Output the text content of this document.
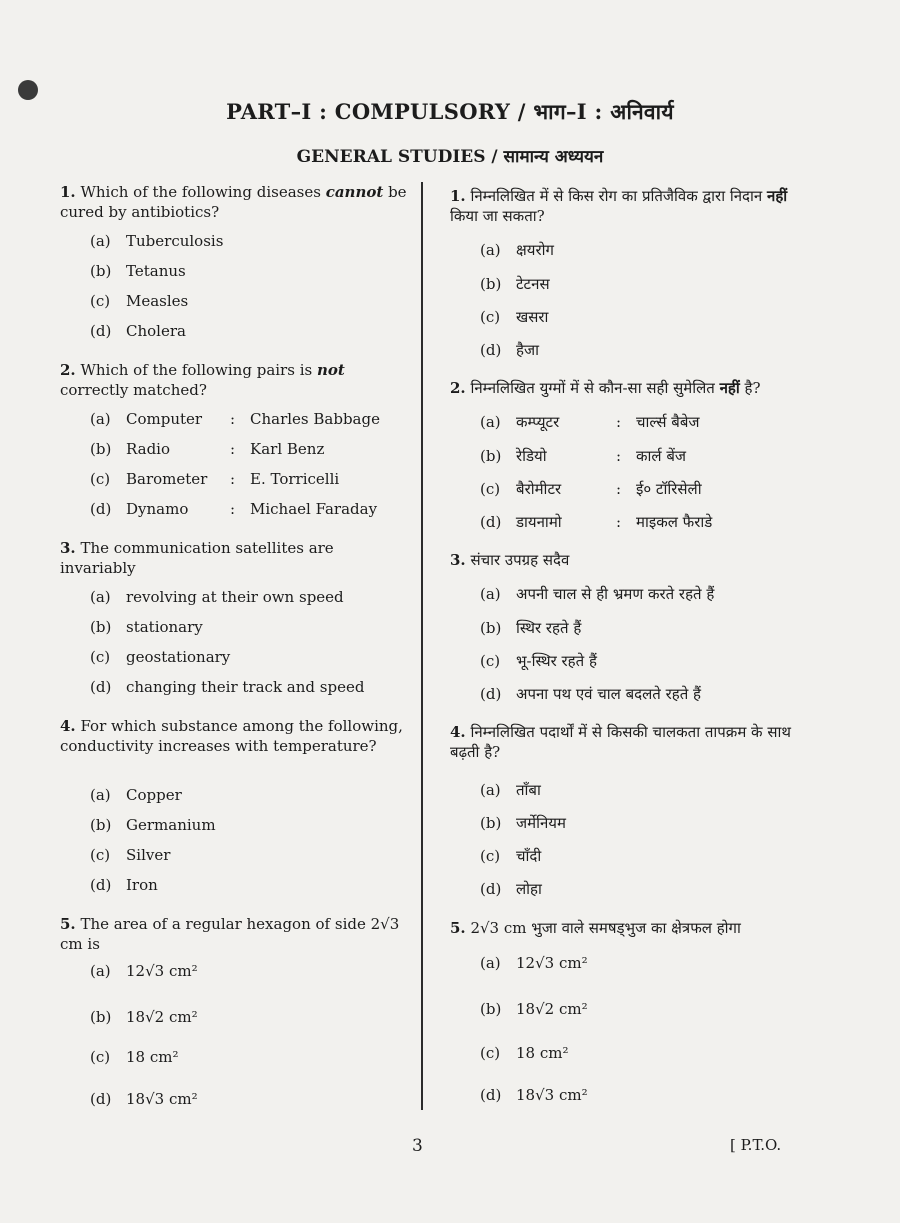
PART–I : COMPULSORY / भाग–I : अनिवार्य
GENERAL STUDIES / सामान्य अध्ययन
1. Which of the following diseases cannot be cured by antibiotics?
(a) Tuberculosis
(b) Tetanus
(c) Measles
(d) Cholera
2. Which of the following pairs is not correctly matched?
(a) Computer : Charles Babbage
(b) Radio	: Karl Benz
(c) Barometer : E. Torricelli
(d) Dynamo	: Michael Faraday
3. The communication satellites are invariably
(a) revolving at their own speed
(b) stationary
(c) geostationary
(d) changing their track and speed
4. For which substance among the following, conductivity increases with temperature?
(a) Copper
(b) Germanium
(c) Silver
(d) Iron
5. The area of a regular hexagon of side 2√3 cm is
(a) 12√3 cm²
(b) 18√2 cm²
(c) 18 cm²
(d) 18√3 cm²
1. निम्नलिखित में से किस रोग का प्रतिजैविक द्वारा निदान नहीं किया जा सकता?
(a) क्षयरोग
(b) टेटनस
(c) खसरा
(d) हैजा
2. निम्नलिखित युग्मों में से कौन-सा सही सुमेलित नहीं है?
(a) कम्प्यूटर	: चार्ल्स बैबेज
(b) रेडियो	: कार्ल बेंज
(c) बैरोमीटर	: ई० टॉरिसेली
(d) डायनामो	: माइकल फैराडे
3. संचार उपग्रह सदैव
(a) अपनी चाल से ही भ्रमण करते रहते हैं
(b) स्थिर रहते हैं
(c) भू-स्थिर रहते हैं
(d) अपना पथ एवं चाल बदलते रहते हैं
4. निम्नलिखित पदार्थों में से किसकी चालकता तापक्रम के साथ बढ़ती है?
(a) ताँबा
(b) जर्मेनियम
(c) चाँदी
(d) लोहा
5. 2√3 cm भुजा वाले समषड्भुज का क्षेत्रफल होगा
(a) 12√3 cm²
(b) 18√2 cm²
(c) 18 cm²
(d) 18√3 cm²
3	[ P.T.O.
